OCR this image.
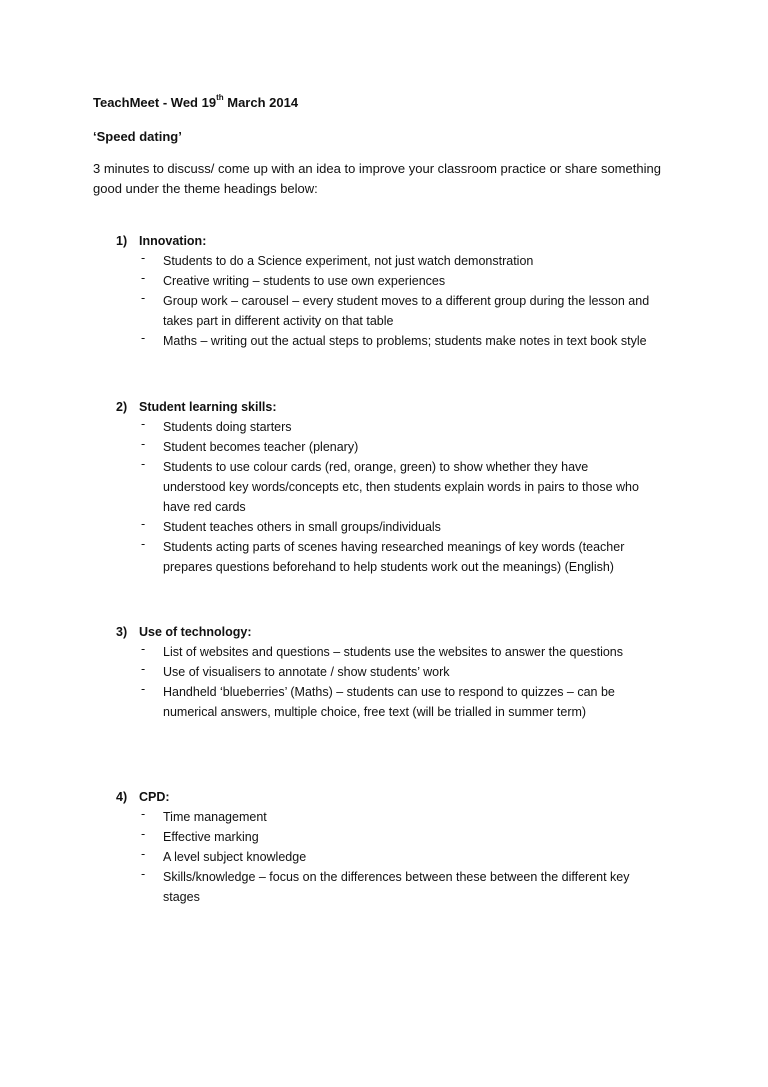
TeachMeet - Wed 19th March 2014
‘Speed dating’
3 minutes to discuss/ come up with an idea to improve your classroom practice or share something
good under the theme headings below:
1) Innovation:
- Students to do a Science experiment, not just watch demonstration
- Creative writing – students to use own experiences
- Group work – carousel – every student moves to a different group during the lesson and
takes part in different activity on that table
- Maths – writing out the actual steps to problems; students make notes in text book style
2) Student learning skills:
- Students doing starters
- Student becomes teacher (plenary)
- Students to use colour cards (red, orange, green) to show whether they have
understood key words/concepts etc, then students explain words in pairs to those who
have red cards
- Student teaches others in small groups/individuals
- Students acting parts of scenes having researched meanings of key words (teacher
prepares questions beforehand to help students work out the meanings) (English)
3) Use of technology:
- List of websites and questions – students use the websites to answer the questions
- Use of visualisers to annotate / show students’ work
- Handheld ‘blueberries’ (Maths) – students can use to respond to quizzes – can be
numerical answers, multiple choice, free text (will be trialled in summer term)
4) CPD:
- Time management
- Effective marking
- A level subject knowledge
- Skills/knowledge – focus on the differences between these between the different key
stages
